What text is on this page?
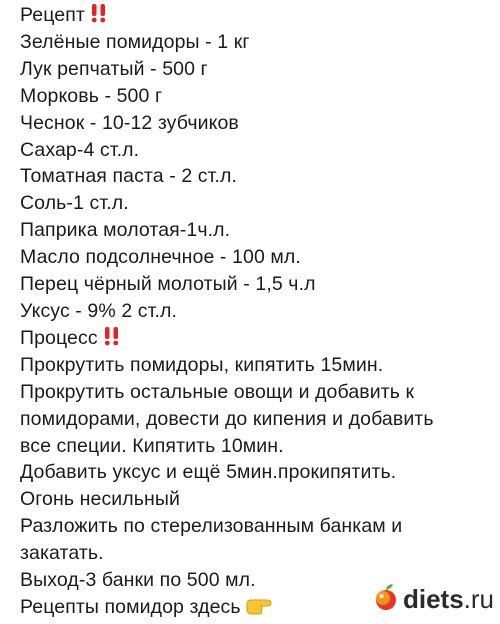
Рецепт
Зелёные помидоры - 1 кг
Лук репчатый - 500 г
Морковь - 500 г
Чеснок - 10-12 зубчиков
Сахар-4 ст.л.
Томатная паста - 2 ст.л.
Соль-1 ст.л.
Паприка молотая-1ч.л.
Масло подсолнечное - 100 мл.
Перец чёрный молотый - 1,5 ч.л
Уксус - 9% 2 ст.л.
Процесс
Прокрутить помидоры, кипятить 15мин.
Прокрутить остальные овощи и добавить к помидорами, довести до кипения и добавить все специи. Кипятить 10мин.
Добавить уксус и ещё 5мин.прокипятить.
Огонь несильный
Разложить по стерелизованным банкам и закатать.
Выход-3 банки по 500 мл.
Рецепты помидор здесь	diets.ru
